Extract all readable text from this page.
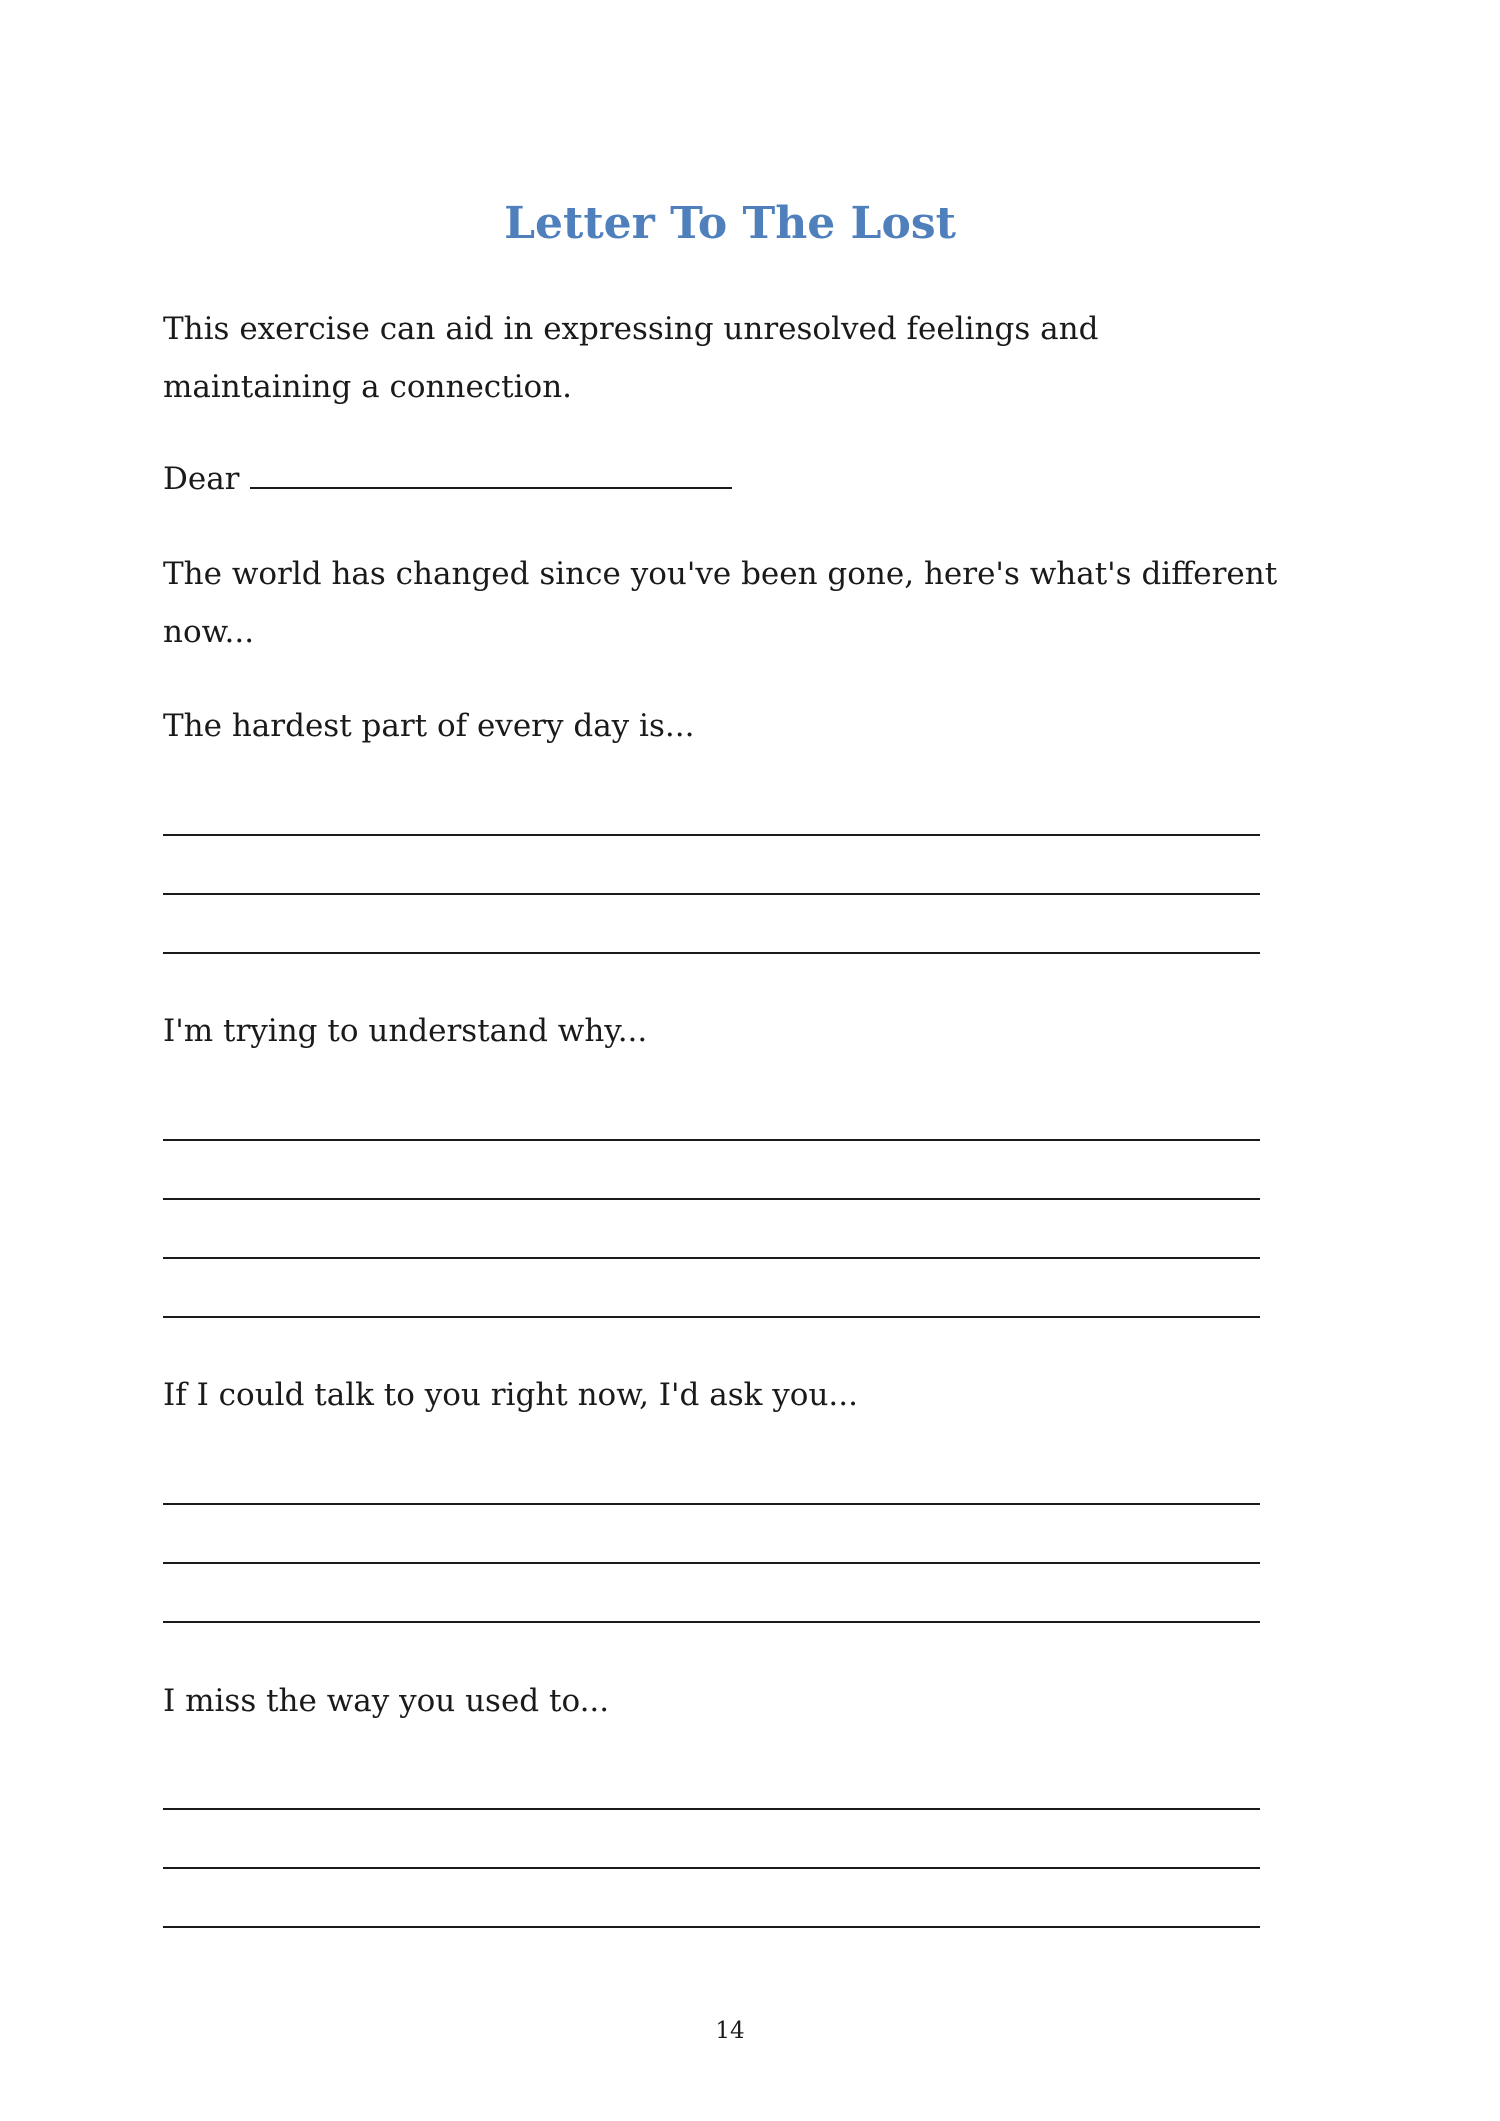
Letter To The Lost

This exercise can aid in expressing unresolved feelings and maintaining a connection.

Dear

The world has changed since you've been gone, here's what's different now...

The hardest part of every day is...

I'm trying to understand why...

If I could talk to you right now, I'd ask you...

I miss the way you used to...

14
